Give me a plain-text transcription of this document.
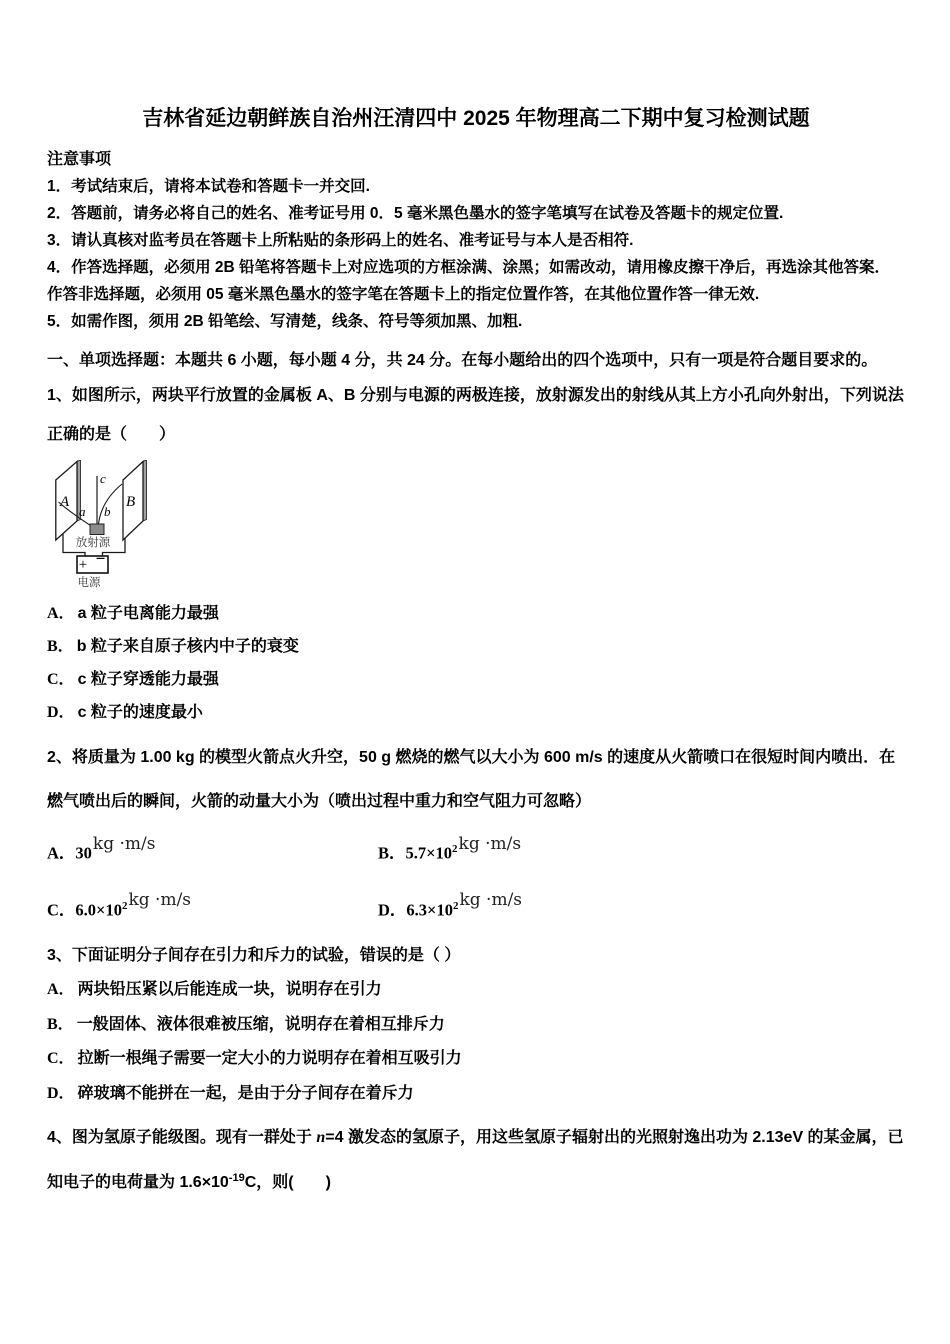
吉林省延边朝鲜族自治州汪清四中 2025 年物理高二下期中复习检测试题
注意事项
1．考试结束后，请将本试卷和答题卡一并交回.
2．答题前，请务必将自己的姓名、准考证号用 0．5 毫米黑色墨水的签字笔填写在试卷及答题卡的规定位置.
3．请认真核对监考员在答题卡上所粘贴的条形码上的姓名、准考证号与本人是否相符.
4．作答选择题，必须用 2B 铅笔将答题卡上对应选项的方框涂满、涂黑；如需改动，请用橡皮擦干净后，再选涂其他答案．作答非选择题，必须用 05 毫米黑色墨水的签字笔在答题卡上的指定位置作答，在其他位置作答一律无效.
5．如需作图，须用 2B 铅笔绘、写清楚，线条、符号等须加黑、加粗.
一、单项选择题：本题共 6 小题，每小题 4 分，共 24 分。在每小题给出的四个选项中，只有一项是符合题目要求的。
1、如图所示，两块平行放置的金属板 A、B 分别与电源的两极连接，放射源发出的射线从其上方小孔向外射出，下列说法正确的是（　　）
A	B
c
a b
放射源
+ −
电源
A． a 粒子电离能力最强
B． b 粒子来自原子核内中子的衰变
C． c 粒子穿透能力最强
D． c 粒子的速度最小
2、将质量为 1.00 kg 的模型火箭点火升空，50 g 燃烧的燃气以大小为 600 m/s 的速度从火箭喷口在很短时间内喷出．在燃气喷出后的瞬间，火箭的动量大小为（喷出过程中重力和空气阻力可忽略）
A．30kg ·m/s	B．$5.7\times 10^2kg \cdot m/s$
C．$6.0\times 10^2kg \cdot m/s$	D．$6.3\times 10^2kg \cdot m/s$
3、下面证明分子间存在引力和斥力的试验，错误的是（ ）
A． 两块铅压紧以后能连成一块，说明存在引力
B． 一般固体、液体很难被压缩，说明存在着相互排斥力
C． 拉断一根绳子需要一定大小的力说明存在着相互吸引力
D． 碎玻璃不能拼在一起，是由于分子间存在着斥力
4、图为氢原子能级图。现有一群处于 n=4 激发态的氢原子，用这些氢原子辐射出的光照射逸出功为 2.13eV 的某金属，已知电子的电荷量为 $1.6\times 10^{-19}C$，则(　　)
